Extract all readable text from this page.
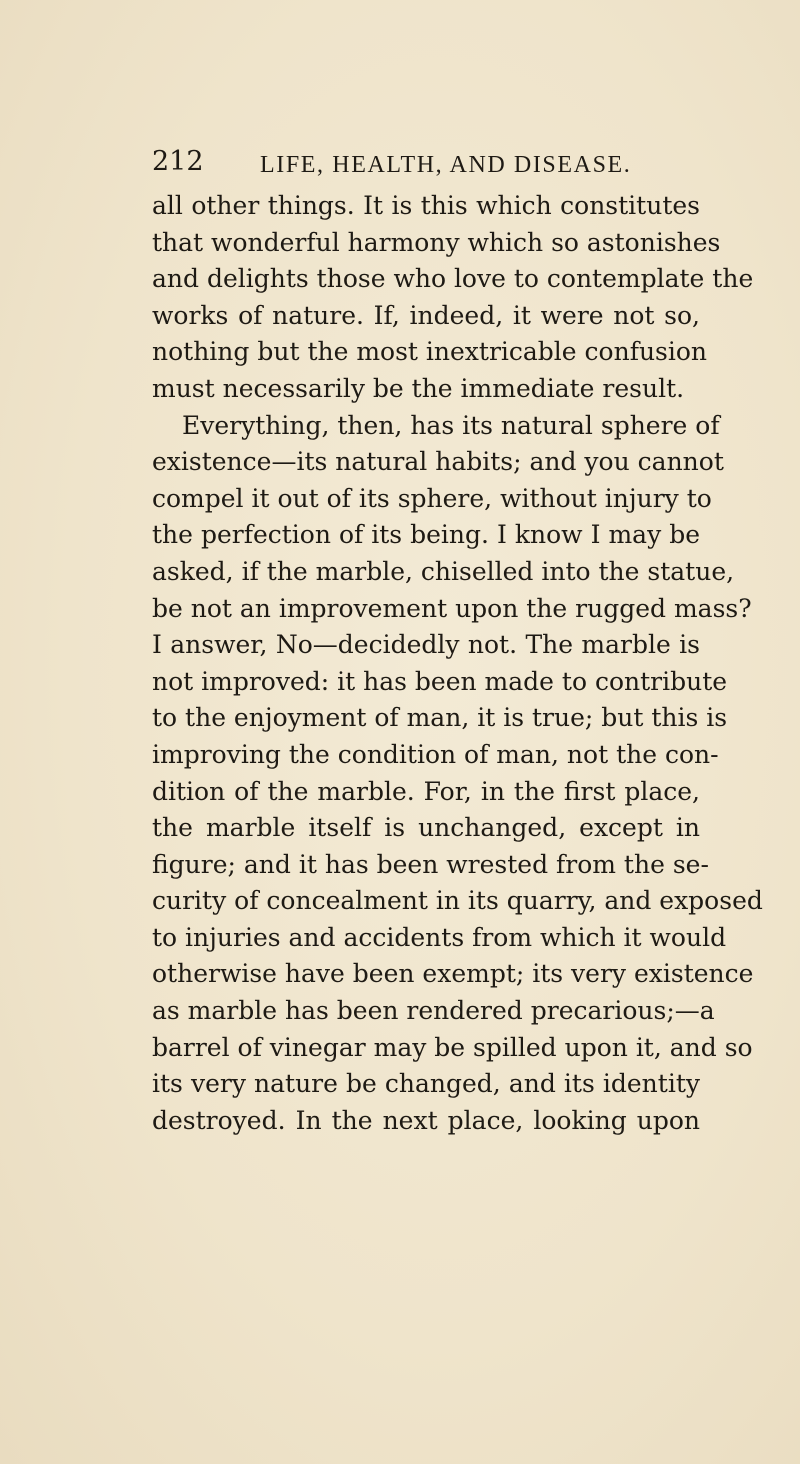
212 LIFE, HEALTH, AND DISEASE.
all other things. It is this which constitutes
that wonderful harmony which so astonishes
and delights those who love to contemplate the
works of nature. If, indeed, it were not so,
nothing but the most inextricable confusion
must necessarily be the immediate result.
Everything, then, has its natural sphere of
existence—its natural habits; and you cannot
compel it out of its sphere, without injury to
the perfection of its being. I know I may be
asked, if the marble, chiselled into the statue,
be not an improvement upon the rugged mass?
I answer, No—decidedly not. The marble is
not improved: it has been made to contribute
to the enjoyment of man, it is true; but this is
improving the condition of man, not the con-
dition of the marble. For, in the first place,
the marble itself is unchanged, except in
figure; and it has been wrested from the se-
curity of concealment in its quarry, and exposed
to injuries and accidents from which it would
otherwise have been exempt; its very existence
as marble has been rendered precarious;—a
barrel of vinegar may be spilled upon it, and so
its very nature be changed, and its identity
destroyed. In the next place, looking upon
